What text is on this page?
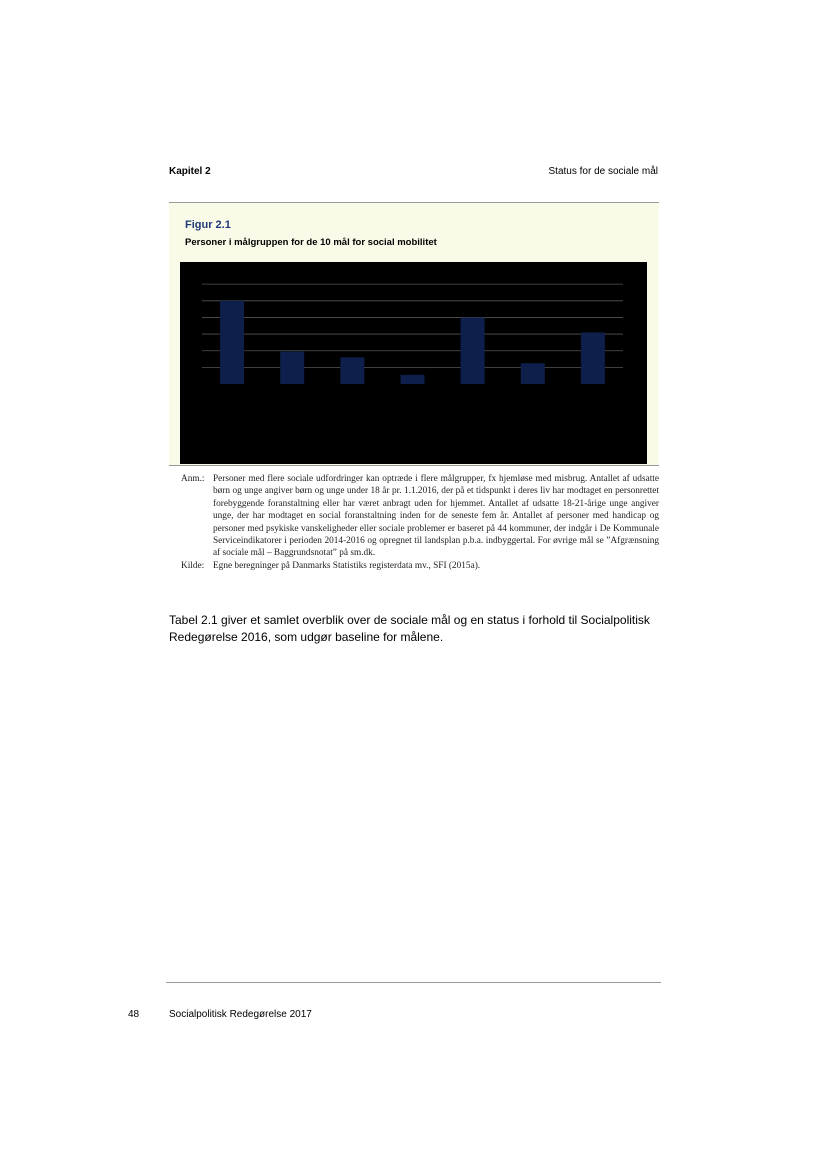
Kapitel 2	Status for de sociale mål
Figur 2.1
Personer i målgruppen for de 10 mål for social mobilitet
Anm.: Personer med flere sociale udfordringer kan optræde i flere målgrupper, fx hjemløse med misbrug. Antallet af udsatte børn og unge angiver børn og unge under 18 år pr. 1.1.2016, der på et tidspunkt i deres liv har modtaget en personrettet forebyggende foranstaltning eller har været anbragt uden for hjemmet. Antallet af udsatte 18-21-årige unge angiver unge, der har modtaget en social foranstaltning inden for de seneste fem år. Antallet af personer med handicap og personer med psykiske vanskeligheder eller sociale problemer er baseret på 44 kommuner, der indgår i De Kommunale Serviceindikatorer i perioden 2014-2016 og opregnet til landsplan p.b.a. indbyggertal. For øvrige mål se ”Afgrænsning af sociale mål – Baggrundsnotat” på sm.dk.
Kilde: Egne beregninger på Danmarks Statistiks registerdata mv., SFI (2015a).
Tabel 2.1 giver et samlet overblik over de sociale mål og en status i forhold til Socialpolitisk Redegørelse 2016, som udgør baseline for målene.
48	Socialpolitisk Redegørelse 2017
